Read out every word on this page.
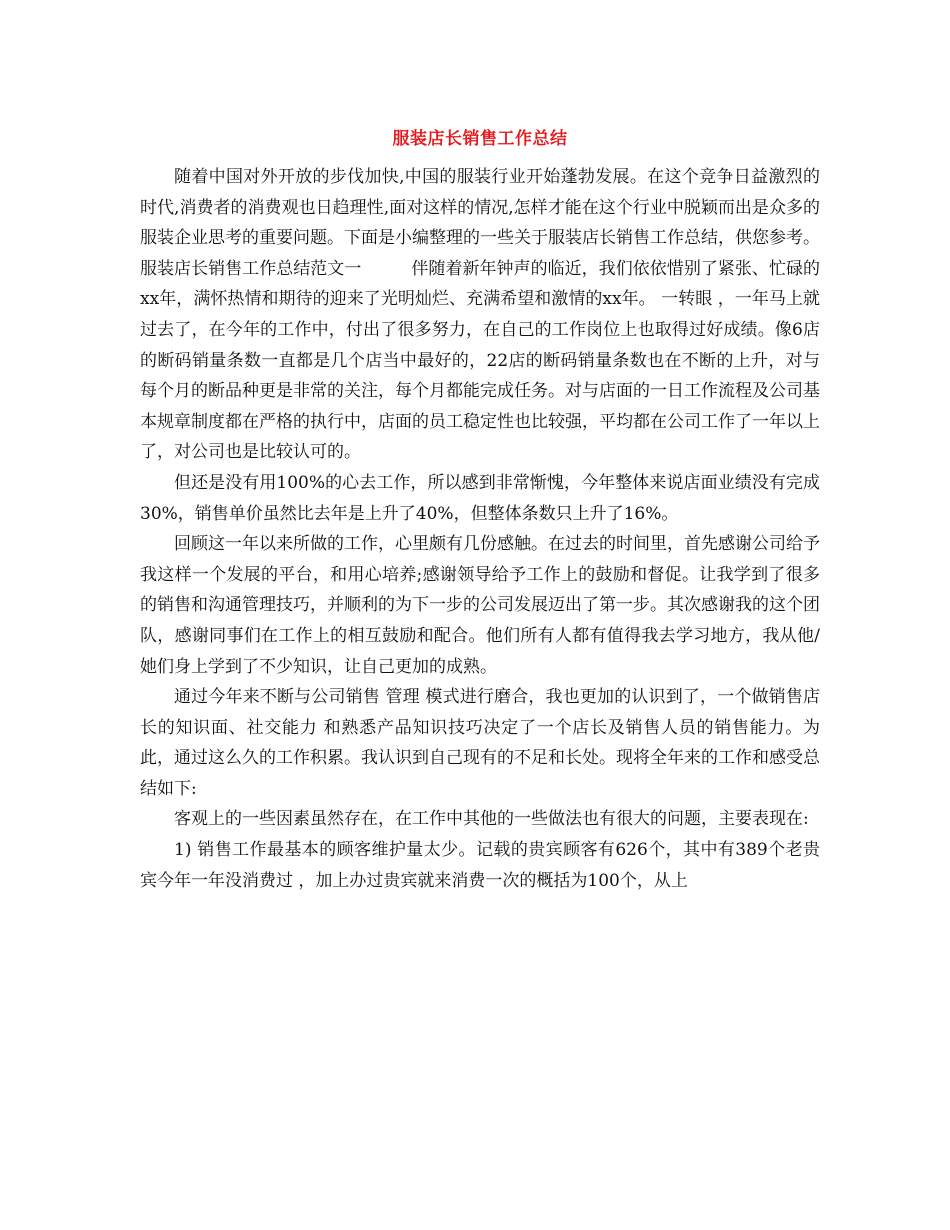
服装店长销售工作总结

随着中国对外开放的步伐加快,中国的服装行业开始蓬勃发展。在这个竞争日益激烈的时代,消费者的消费观也日趋理性,面对这样的情况,怎样才能在这个行业中脱颖而出是众多的服装企业思考的重要问题。下面是小编整理的一些关于服装店长销售工作总结，供您参考。

服装店长销售工作总结范文一	伴随着新年钟声的临近，我们依依惜别了紧张、忙碌的xx年，满怀热情和期待的迎来了光明灿烂、充满希望和激情的xx年。 一转眼 ，一年马上就过去了，在今年的工作中，付出了很多努力，在自己的工作岗位上也取得过好成绩。像6店的断码销量条数一直都是几个店当中最好的，22店的断码销量条数也在不断的上升，对与每个月的断品种更是非常的关注，每个月都能完成任务。对与店面的一日工作流程及公司基本规章制度都在严格的执行中，店面的员工稳定性也比较强，平均都在公司工作了一年以上了，对公司也是比较认可的。

但还是没有用100%的心去工作，所以感到非常惭愧，今年整体来说店面业绩没有完成30%，销售单价虽然比去年是上升了40%，但整体条数只上升了16%。

回顾这一年以来所做的工作，心里颇有几份感触。在过去的时间里，首先感谢公司给予我这样一个发展的平台，和用心培养;感谢领导给予工作上的鼓励和督促。让我学到了很多的销售和沟通管理技巧，并顺利的为下一步的公司发展迈出了第一步。其次感谢我的这个团队，感谢同事们在工作上的相互鼓励和配合。他们所有人都有值得我去学习地方，我从他/她们身上学到了不少知识，让自己更加的成熟。

通过今年来不断与公司销售 管理 模式进行磨合，我也更加的认识到了，一个做销售店长的知识面、社交能力 和熟悉产品知识技巧决定了一个店长及销售人员的销售能力。为此，通过这么久的工作积累。我认识到自己现有的不足和长处。现将全年来的工作和感受总结如下:

客观上的一些因素虽然存在，在工作中其他的一些做法也有很大的问题，主要表现在:

1) 销售工作最基本的顾客维护量太少。记载的贵宾顾客有626个，其中有389个老贵宾今年一年没消费过 ，加上办过贵宾就来消费一次的概括为100个，从上
